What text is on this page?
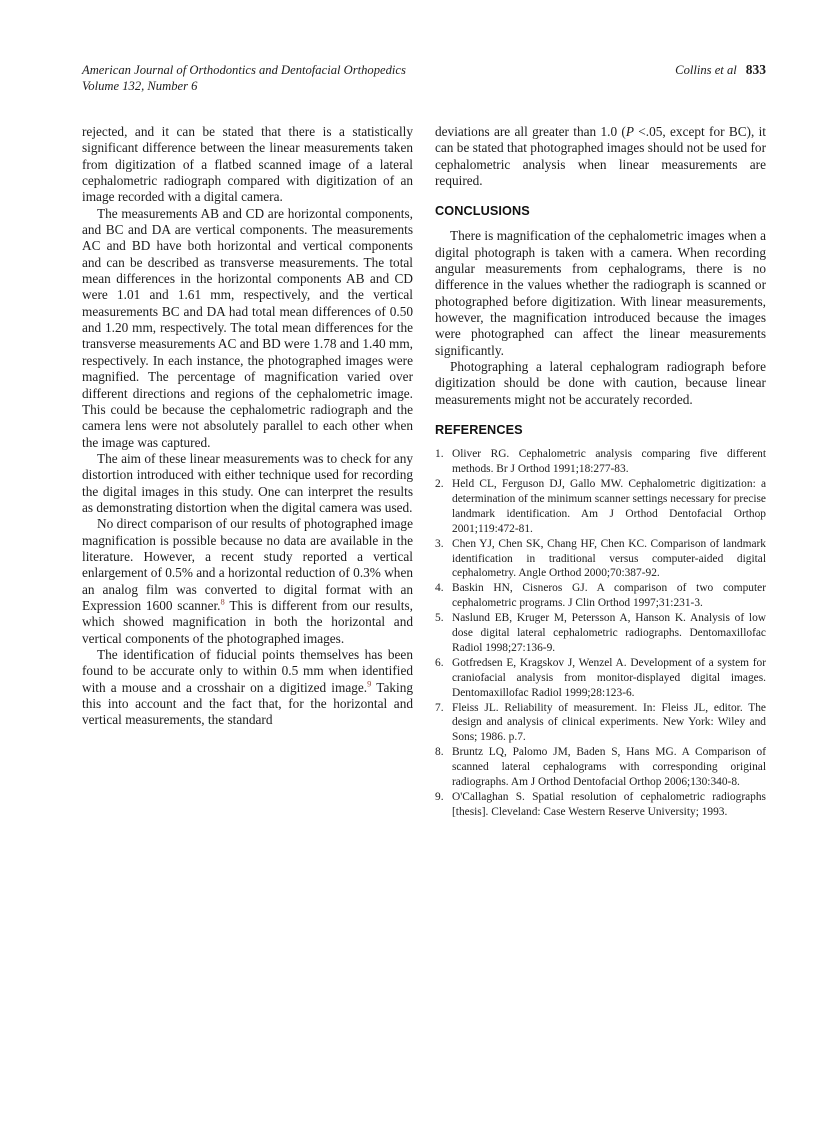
American Journal of Orthodontics and Dentofacial Orthopedics
Volume 132, Number 6
Collins et al 833

rejected, and it can be stated that there is a statistically significant difference between the linear measurements taken from digitization of a flatbed scanned image of a lateral cephalometric radiograph compared with digitization of an image recorded with a digital camera.

The measurements AB and CD are horizontal components, and BC and DA are vertical components. The measurements AC and BD have both horizontal and vertical components and can be described as transverse measurements. The total mean differences in the horizontal components AB and CD were 1.01 and 1.61 mm, respectively, and the vertical measurements BC and DA had total mean differences of 0.50 and 1.20 mm, respectively. The total mean differences for the transverse measurements AC and BD were 1.78 and 1.40 mm, respectively. In each instance, the photographed images were magnified. The percentage of magnification varied over different directions and regions of the cephalometric image. This could be because the cephalometric radiograph and the camera lens were not absolutely parallel to each other when the image was captured.

The aim of these linear measurements was to check for any distortion introduced with either technique used for recording the digital images in this study. One can interpret the results as demonstrating distortion when the digital camera was used.

No direct comparison of our results of photographed image magnification is possible because no data are available in the literature. However, a recent study reported a vertical enlargement of 0.5% and a horizontal reduction of 0.3% when an analog film was converted to digital format with an Expression 1600 scanner.$^8$ This is different from our results, which showed magnification in both the horizontal and vertical components of the photographed images.

The identification of fiducial points themselves has been found to be accurate only to within 0.5 mm when identified with a mouse and a crosshair on a digitized image.$^9$ Taking this into account and the fact that, for the horizontal and vertical measurements, the standard

deviations are all greater than 1.0 (P <.05, except for BC), it can be stated that photographed images should not be used for cephalometric analysis when linear measurements are required.

CONCLUSIONS

There is magnification of the cephalometric images when a digital photograph is taken with a camera. When recording angular measurements from cephalograms, there is no difference in the values whether the radiograph is scanned or photographed before digitization. With linear measurements, however, the magnification introduced because the images were photographed can affect the linear measurements significantly.

Photographing a lateral cephalogram radiograph before digitization should be done with caution, because linear measurements might not be accurately recorded.

REFERENCES
1. Oliver RG. Cephalometric analysis comparing five different methods. Br J Orthod 1991;18:277-83.
2. Held CL, Ferguson DJ, Gallo MW. Cephalometric digitization: a determination of the minimum scanner settings necessary for precise landmark identification. Am J Orthod Dentofacial Orthop 2001;119:472-81.
3. Chen YJ, Chen SK, Chang HF, Chen KC. Comparison of landmark identification in traditional versus computer-aided digital cephalometry. Angle Orthod 2000;70:387-92.
4. Baskin HN, Cisneros GJ. A comparison of two computer cephalometric programs. J Clin Orthod 1997;31:231-3.
5. Naslund EB, Kruger M, Petersson A, Hanson K. Analysis of low dose digital lateral cephalometric radiographs. Dentomaxillofac Radiol 1998;27:136-9.
6. Gotfredsen E, Kragskov J, Wenzel A. Development of a system for craniofacial analysis from monitor-displayed digital images. Dentomaxillofac Radiol 1999;28:123-6.
7. Fleiss JL. Reliability of measurement. In: Fleiss JL, editor. The design and analysis of clinical experiments. New York: Wiley and Sons; 1986. p.7.
8. Bruntz LQ, Palomo JM, Baden S, Hans MG. A Comparison of scanned lateral cephalograms with corresponding original radiographs. Am J Orthod Dentofacial Orthop 2006;130:340-8.
9. O'Callaghan S. Spatial resolution of cephalometric radiographs [thesis]. Cleveland: Case Western Reserve University; 1993.
